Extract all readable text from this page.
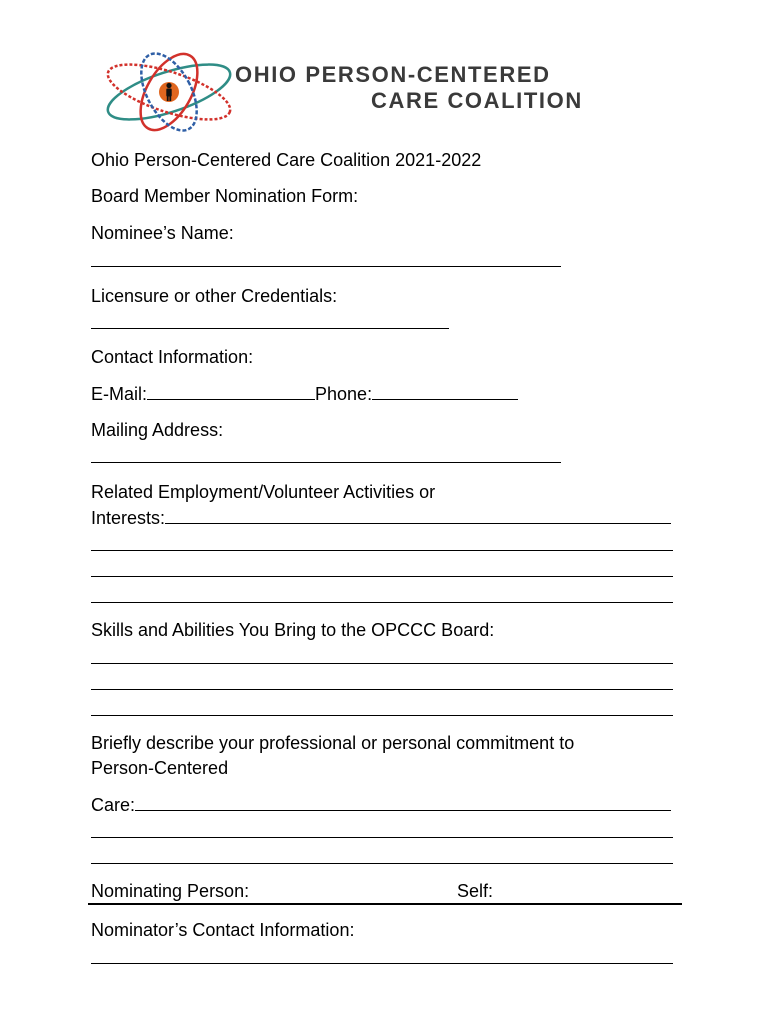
OHIO PERSON-CENTERED
CARE COALITION
Ohio Person-Centered Care Coalition 2021-2022
Board Member Nomination Form:
Nominee’s Name:
Licensure or other Credentials:
Contact Information:
E-Mail:	Phone:
Mailing Address:
Related Employment/Volunteer Activities or
Interests:
Skills and Abilities You Bring to the OPCCC Board:
Briefly describe your professional or personal commitment to
Person-Centered
Care:
Nominating Person:	Self:
Nominator’s Contact Information:
